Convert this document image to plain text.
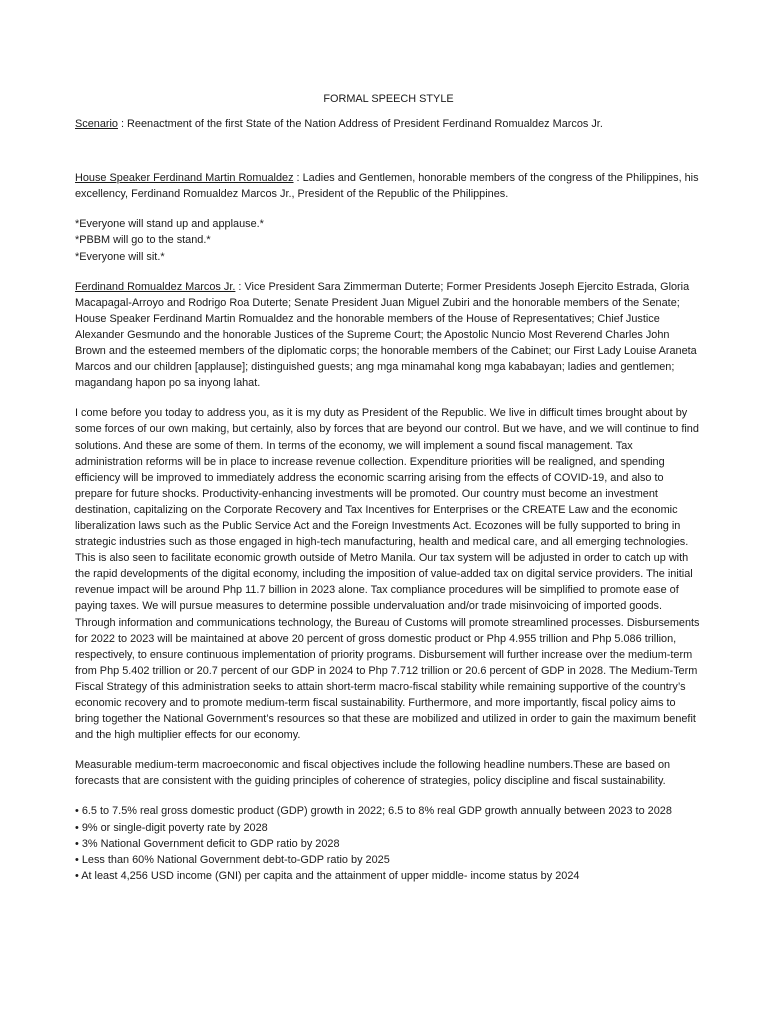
FORMAL SPEECH STYLE

Scenario : Reenactment of the first State of the Nation Address of President Ferdinand Romualdez Marcos Jr.

House Speaker Ferdinand Martin Romualdez : Ladies and Gentlemen, honorable members of the congress of the Philippines, his excellency, Ferdinand Romualdez Marcos Jr., President of the Republic of the Philippines.

*Everyone will stand up and applause.*

*PBBM will go to the stand.*

*Everyone will sit.*

Ferdinand Romualdez Marcos Jr. : Vice President Sara Zimmerman Duterte; Former Presidents Joseph Ejercito Estrada, Gloria Macapagal-Arroyo and Rodrigo Roa Duterte; Senate President Juan Miguel Zubiri and the honorable members of the Senate; House Speaker Ferdinand Martin Romualdez and the honorable members of the House of Representatives; Chief Justice Alexander Gesmundo and the honorable Justices of the Supreme Court; the Apostolic Nuncio Most Reverend Charles John Brown and the esteemed members of the diplomatic corps; the honorable members of the Cabinet; our First Lady Louise Araneta Marcos and our children [applause]; distinguished guests; ang mga minamahal kong mga kababayan; ladies and gentlemen; magandang hapon po sa inyong lahat.

I come before you today to address you, as it is my duty as President of the Republic. We live in difficult times brought about by some forces of our own making, but certainly, also by forces that are beyond our control. But we have, and we will continue to find solutions. And these are some of them. In terms of the economy, we will implement a sound fiscal management. Tax administration reforms will be in place to increase revenue collection. Expenditure priorities will be realigned, and spending efficiency will be improved to immediately address the economic scarring arising from the effects of COVID-19, and also to prepare for future shocks. Productivity-enhancing investments will be promoted. Our country must become an investment destination, capitalizing on the Corporate Recovery and Tax Incentives for Enterprises or the CREATE Law and the economic liberalization laws such as the Public Service Act and the Foreign Investments Act. Ecozones will be fully supported to bring in strategic industries such as those engaged in high-tech manufacturing, health and medical care, and all emerging technologies. This is also seen to facilitate economic growth outside of Metro Manila. Our tax system will be adjusted in order to catch up with the rapid developments of the digital economy, including the imposition of value-added tax on digital service providers. The initial revenue impact will be around Php 11.7 billion in 2023 alone. Tax compliance procedures will be simplified to promote ease of paying taxes. We will pursue measures to determine possible undervaluation and/or trade misinvoicing of imported goods. Through information and communications technology, the Bureau of Customs will promote streamlined processes. Disbursements for 2022 to 2023 will be maintained at above 20 percent of gross domestic product or Php 4.955 trillion and Php 5.086 trillion, respectively, to ensure continuous implementation of priority programs. Disbursement will further increase over the medium-term from Php 5.402 trillion or 20.7 percent of our GDP in 2024 to Php 7.712 trillion or 20.6 percent of GDP in 2028. The Medium-Term Fiscal Strategy of this administration seeks to attain short-term macro-fiscal stability while remaining supportive of the country’s economic recovery and to promote medium-term fiscal sustainability. Furthermore, and more importantly, fiscal policy aims to bring together the National Government’s resources so that these are mobilized and utilized in order to gain the maximum benefit and the high multiplier effects for our economy.

Measurable medium-term macroeconomic and fiscal objectives include the following headline numbers.These are based on forecasts that are consistent with the guiding principles of coherence of strategies, policy discipline and fiscal sustainability.

• 6.5 to 7.5% real gross domestic product (GDP) growth in 2022; 6.5 to 8% real GDP growth annually between 2023 to 2028

• 9% or single-digit poverty rate by 2028

• 3% National Government deficit to GDP ratio by 2028

• Less than 60% National Government debt-to-GDP ratio by 2025

• At least 4,256 USD income (GNI) per capita and the attainment of upper middle- income status by 2024
